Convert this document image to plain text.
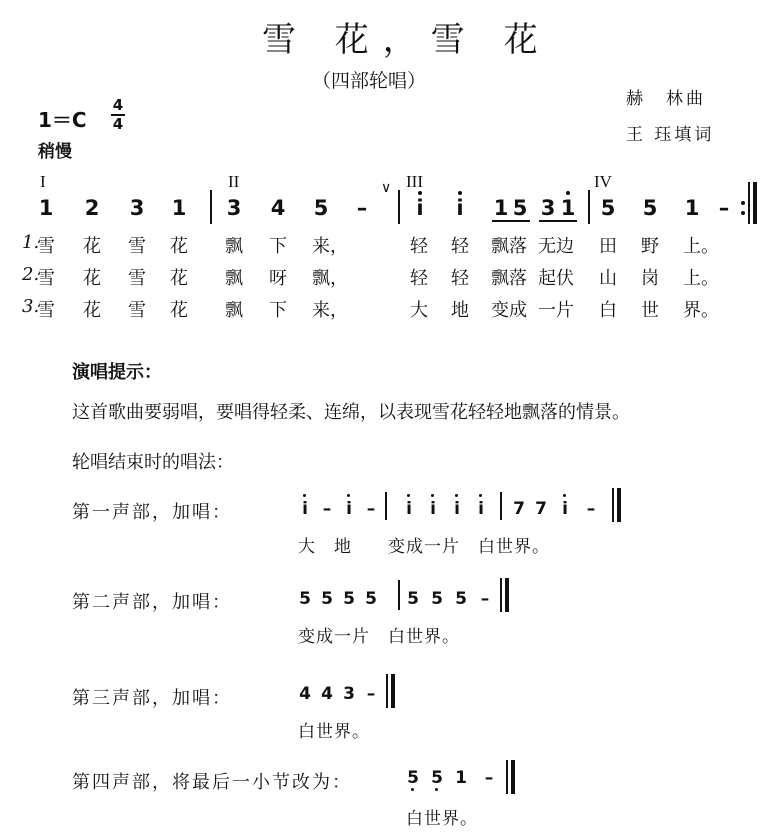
雪 花，雪 花
（四部轮唱）
赫　林曲
王 珏填词
1＝C
4
4
稍慢
I	II	III	IV
1 2 3 1 3 4 5	–
∨
i	i	1 5 3 1 5 5 1 –
1.
雪 花 雪 花 飘 下 来，	轻 轻 飘落 无边 田 野 上。
2.
雪 花 雪 花 飘 呀 飘，	轻 轻 飘落 起伏 山 岗 上。
3.
雪 花 雪 花 飘 下 来，	大 地 变成 一片 白 世 界。
演唱提示：
这首歌曲要弱唱，要唱得轻柔、连绵，以表现雪花轻轻地飘落的情景。
轮唱结束时的唱法：
第一声部，加唱：	i – i –	i	i	i	i	7 7 i	–
大　地　　变成一片　白世界。
第二声部，加唱：	5 5 5 5 5 5 5 –
变成一片　白世界。
第三声部，加唱：	4 4 3 –
白世界。
第四声部，将最后一小节改为：	5 5 1 –
白世界。
